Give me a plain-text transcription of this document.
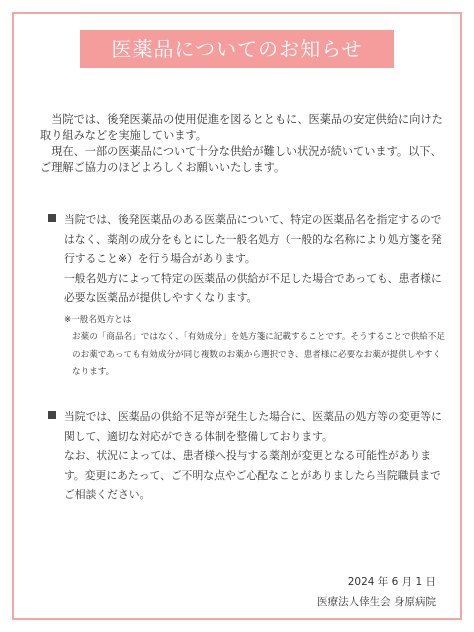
医薬品についてのお知らせ

当院では、後発医薬品の使用促進を図るとともに、医薬品の安定供給に向けた取り組みなどを実施しています。

現在、一部の医薬品について十分な供給が難しい状況が続いています。以下、ご理解ご協力のほどよろしくお願いいたします。

当院では、後発医薬品のある医薬品について、特定の医薬品名を指定するのではなく、薬剤の成分をもとにした一般名処方（一般的な名称により処方箋を発行すること※）を行う場合があります。

一般名処方によって特定の医薬品の供給が不足した場合であっても、患者様に必要な医薬品が提供しやすくなります。

※一般名処方とは

お薬の「商品名」ではなく、「有効成分」を処方箋に記載することです。そうすることで供給不足のお薬であっても有効成分が同じ複数のお薬から選択でき、患者様に必要なお薬が提供しやすくなります。

当院では、医薬品の供給不足等が発生した場合に、医薬品の処方等の変更等に関して、適切な対応ができる体制を整備しております。

なお、状況によっては、患者様へ投与する薬剤が変更となる可能性があります。変更にあたって、ご不明な点やご心配なことがありましたら当院職員までご相談ください。

2024 年 6 月 1 日

医療法人倖生会 身原病院
